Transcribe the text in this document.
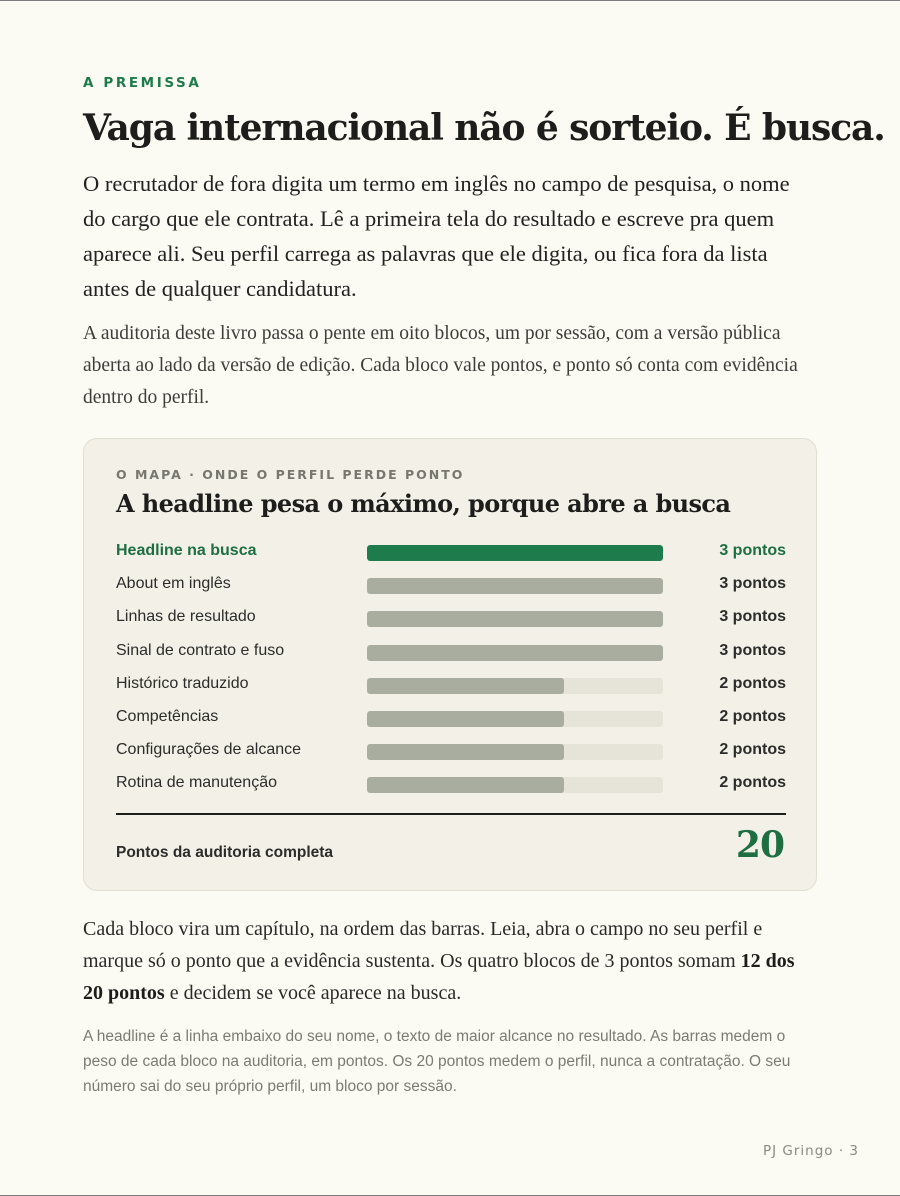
A PREMISSA
Vaga internacional não é sorteio. É busca.

O recrutador de fora digita um termo em inglês no campo de pesquisa, o nome do cargo que ele contrata. Lê a primeira tela do resultado e escreve pra quem aparece ali. Seu perfil carrega as palavras que ele digita, ou fica fora da lista antes de qualquer candidatura.

A auditoria deste livro passa o pente em oito blocos, um por sessão, com a versão pública aberta ao lado da versão de edição. Cada bloco vale pontos, e ponto só conta com evidência dentro do perfil.

O MAPA · ONDE O PERFIL PERDE PONTO
A headline pesa o máximo, porque abre a busca
Headline na busca	3 pontos
About em inglês	3 pontos
Linhas de resultado	3 pontos
Sinal de contrato e fuso	3 pontos
Histórico traduzido	2 pontos
Competências	2 pontos
Configurações de alcance	2 pontos
Rotina de manutenção	2 pontos
Pontos da auditoria completa	20

Cada bloco vira um capítulo, na ordem das barras. Leia, abra o campo no seu perfil e marque só o ponto que a evidência sustenta. Os quatro blocos de 3 pontos somam 12 dos 20 pontos e decidem se você aparece na busca.

A headline é a linha embaixo do seu nome, o texto de maior alcance no resultado. As barras medem o peso de cada bloco na auditoria, em pontos. Os 20 pontos medem o perfil, nunca a contratação. O seu número sai do seu próprio perfil, um bloco por sessão.

PJ Gringo · 3
